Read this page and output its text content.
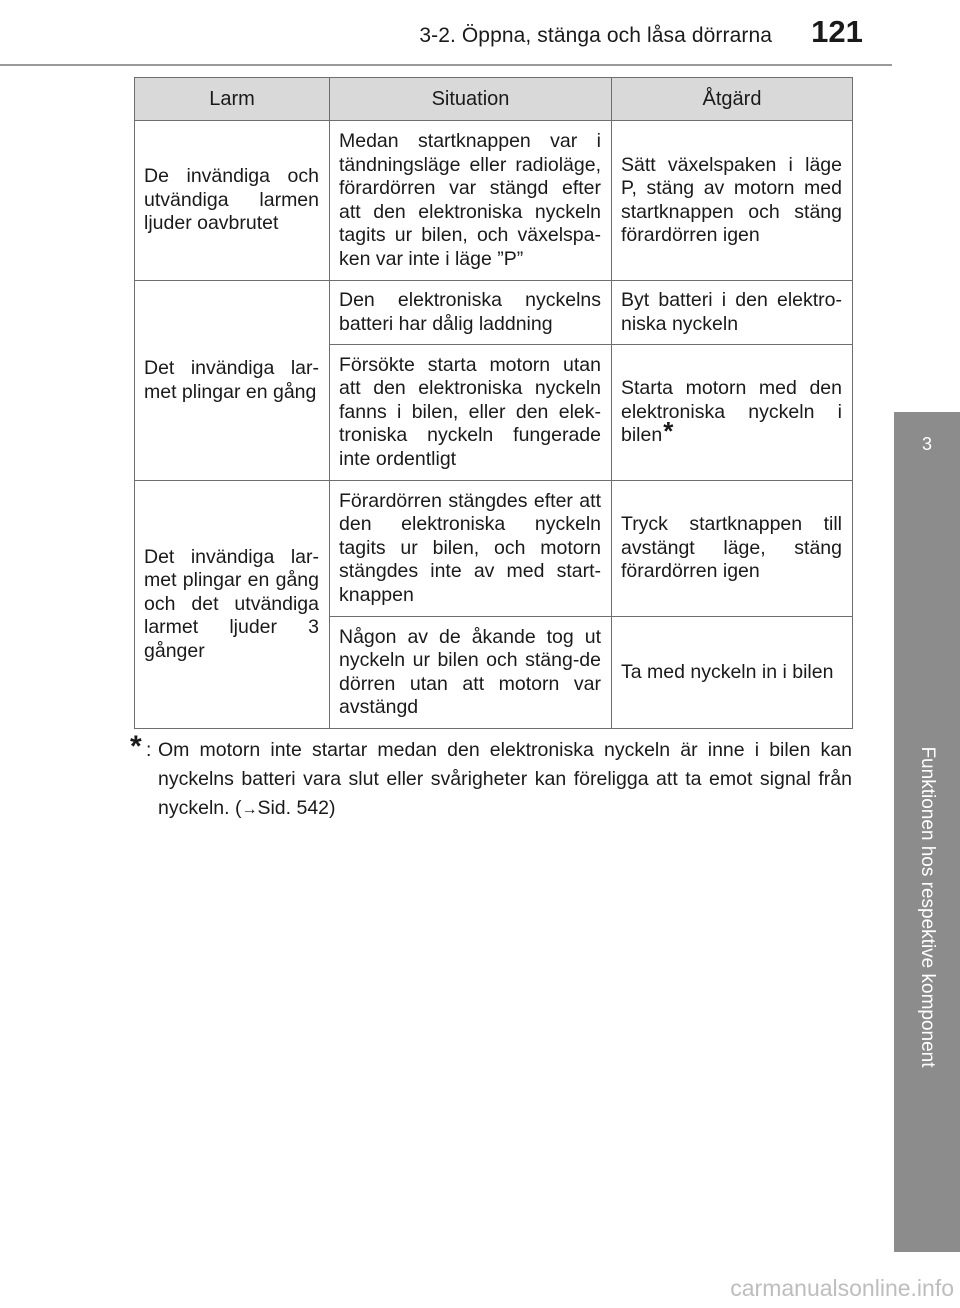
3-2. Öppna, stänga och låsa dörrarna	121
3
Funktionen hos respektive komponent
Larm	Situation	Åtgärd
De invändiga och utvändiga larmen ljuder oavbrutet	Medan startknappen var i tändningsläge eller radioläge, förardörren var stängd efter att den elektroniska nyckeln tagits ur bilen, och växelspa-ken var inte i läge ”P”	Sätt växelspaken i läge P, stäng av motorn med startknappen och stäng förardörren igen
Det invändiga lar-met plingar en gång	Den elektroniska nyckelns batteri har dålig laddning	Byt batteri i den elektro-niska nyckeln
	Försökte starta motorn utan att den elektroniska nyckeln fanns i bilen, eller den elek-troniska nyckeln fungerade inte ordentligt	Starta motorn med den elektroniska nyckeln i bilen*
Det invändiga lar-met plingar en gång och det utvändiga larmet ljuder 3 gånger	Förardörren stängdes efter att den elektroniska nyckeln tagits ur bilen, och motorn stängdes inte av med start-knappen	Tryck startknappen till avstängt läge, stäng förardörren igen
	Någon av de åkande tog ut nyckeln ur bilen och stäng-de dörren utan att motorn var avstängd	Ta med nyckeln in i bilen
* : Om motorn inte startar medan den elektroniska nyckeln är inne i bilen kan nyckelns batteri vara slut eller svårigheter kan föreligga att ta emot signal från nyckeln. (→Sid. 542)
carmanualsonline.info
